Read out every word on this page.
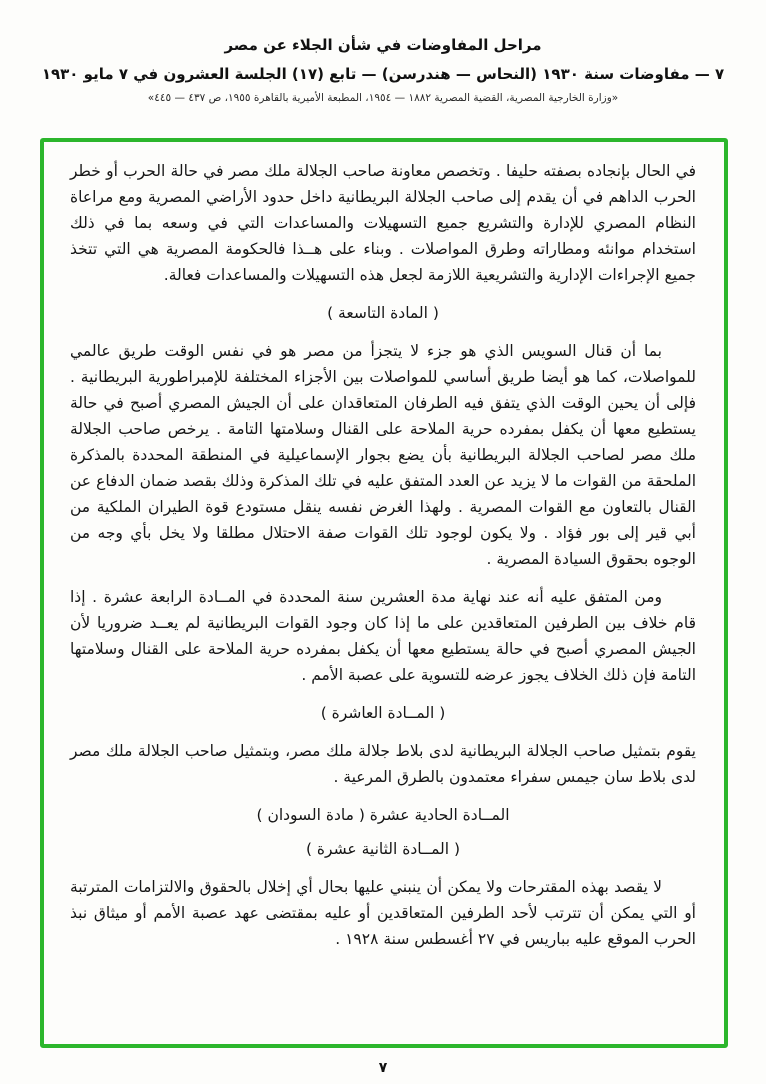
مراحل المفاوضات في شأن الجلاء عن مصر
٧ — مفاوضات سنة ١٩٣٠ (النحاس — هندرسن) — تابع (١٧) الجلسة العشرون في ٧ مايو ١٩٣٠
«وزارة الخارجية المصرية، القضية المصرية ١٨٨٢ — ١٩٥٤، المطبعة الأميرية بالقاهرة ١٩٥٥، ص ٤٣٧ — ٤٤٥»

في الحال بإنجاده بصفته حليفا . وتخصص معاونة صاحب الجلالة ملك مصر في حالة الحرب أو خطر الحرب الداهم في أن يقدم إلى صاحب الجلالة البريطانية داخل حدود الأراضي المصرية ومع مراعاة النظام المصري للإدارة والتشريع جميع التسهيلات والمساعدات التي في وسعه بما في ذلك استخدام موانئه ومطاراته وطرق المواصلات . وبناء على هــذا فالحكومة المصرية هي التي تتخذ جميع الإجراءات الإدارية والتشريعية اللازمة لجعل هذه التسهيلات والمساعدات فعالة.

( المادة التاسعة )

بما أن قنال السويس الذي هو جزء لا يتجزأ من مصر هو في نفس الوقت طريق عالمي للمواصلات، كما هو أيضا طريق أساسي للمواصلات بين الأجزاء المختلفة للإمبراطورية البريطانية . فإلى أن يحين الوقت الذي يتفق فيه الطرفان المتعاقدان على أن الجيش المصري أصبح في حالة يستطيع معها أن يكفل بمفرده حرية الملاحة على القنال وسلامتها التامة . يرخص صاحب الجلالة ملك مصر لصاحب الجلالة البريطانية بأن يضع بجوار الإسماعيلية في المنطقة المحددة بالمذكرة الملحقة من القوات ما لا يزيد عن العدد المتفق عليه في تلك المذكرة وذلك بقصد ضمان الدفاع عن القنال بالتعاون مع القوات المصرية . ولهذا الغرض نفسه ينقل مستودع قوة الطيران الملكية من أبي قير إلى بور فؤاد . ولا يكون لوجود تلك القوات صفة الاحتلال مطلقا ولا يخل بأي وجه من الوجوه بحقوق السيادة المصرية .

ومن المتفق عليه أنه عند نهاية مدة العشرين سنة المحددة في المــادة الرابعة عشرة . إذا قام خلاف بين الطرفين المتعاقدين على ما إذا كان وجود القوات البريطانية لم يعــد ضروريا لأن الجيش المصري أصبح في حالة يستطيع معها أن يكفل بمفرده حرية الملاحة على القنال وسلامتها التامة فإن ذلك الخلاف يجوز عرضه للتسوية على عصبة الأمم .

( المــادة العاشرة )

يقوم بتمثيل صاحب الجلالة البريطانية لدى بلاط جلالة ملك مصر، وبتمثيل صاحب الجلالة ملك مصر لدى بلاط سان جيمس سفراء معتمدون بالطرق المرعية .

المــادة الحادية عشرة ( مادة السودان )
( المــادة الثانية عشرة )

لا يقصد بهذه المقترحات ولا يمكن أن ينبني عليها بحال أي إخلال بالحقوق والالتزامات المترتبة أو التي يمكن أن تترتب لأحد الطرفين المتعاقدين أو عليه بمقتضى عهد عصبة الأمم أو ميثاق نبذ الحرب الموقع عليه بباريس في ٢٧ أغسطس سنة ١٩٢٨ .

٧
